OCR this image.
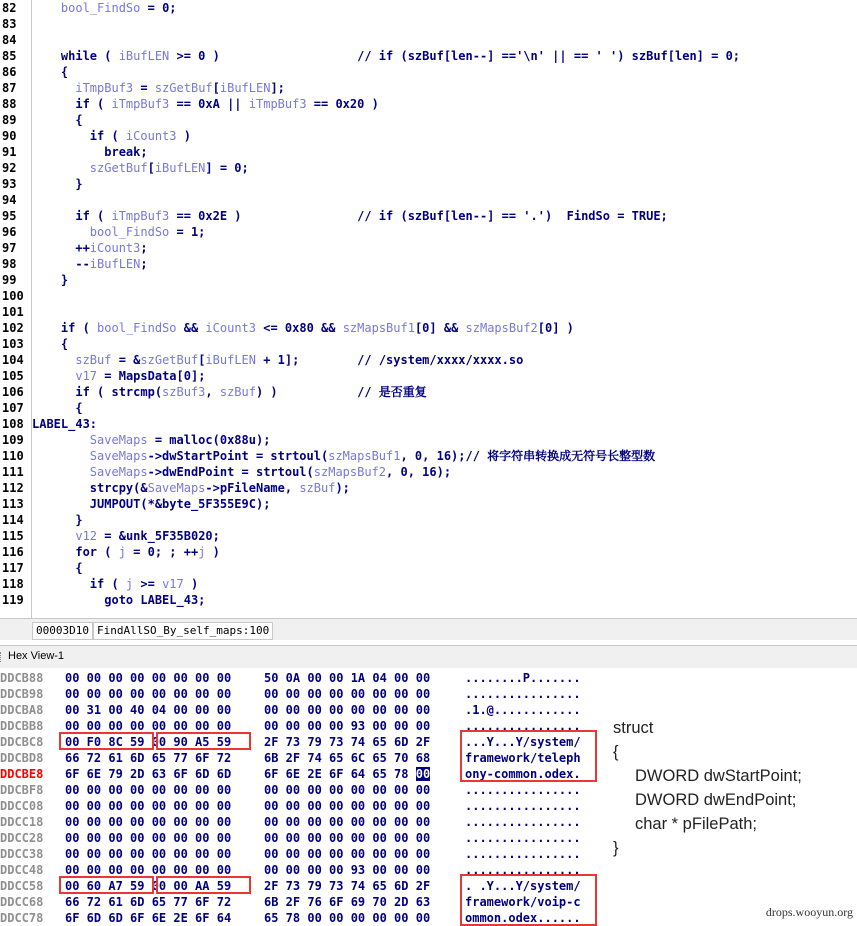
82	bool_FindSo = 0;
83
84
85	while ( iBufLEN >= 0 )                   // if (szBuf[len--] =='\n' || == ' ') szBuf[len] = 0;
86	{
87	iTmpBuf3 = szGetBuf[iBufLEN];
88	if ( iTmpBuf3 == 0xA || iTmpBuf3 == 0x20 )
89	{
90	if ( iCount3 )
91	break;
92	szGetBuf[iBufLEN] = 0;
93	}
94
95	if ( iTmpBuf3 == 0x2E )                // if (szBuf[len--] == '.')  FindSo = TRUE;
96	bool_FindSo = 1;
97	++iCount3;
98	--iBufLEN;
99	}
100
101
102 if ( bool_FindSo && iCount3 <= 0x80 && szMapsBuf1[0] && szMapsBuf2[0] )
103 {
104	szBuf = &szGetBuf[iBufLEN + 1];        // /system/xxxx/xxxx.so
105	v17 = MapsData[0];
106 if ( strcmp(szBuf3, szBuf) )           // 是否重复
107 {
108 LABEL_43:
109	SaveMaps = malloc(0x88u);
110	SaveMaps->dwStartPoint = strtoul(szMapsBuf1, 0, 16);// 将字符串转换成无符号长整型数
111	SaveMaps->dwEndPoint = strtoul(szMapsBuf2, 0, 16);
112 strcpy(&SaveMaps->pFileName, szBuf);
113 JUMPOUT(*&byte_5F355E9C);
114 }
115	v12 = &unk_5F35B020;
116 for ( j = 0; ; ++j )
117 {
118 if ( j >= v17 )
119 goto LABEL_43;
00003D10 FindAllSO_By_self_maps:100
Hex View-1
DDCB88 00 00 00 00 00 00 00 00	50 0A 00 00 1A 04 00 00	........P.......
DDCB98 00 00 00 00 00 00 00 00	00 00 00 00 00 00 00 00	................
DDCBA8 00 31 00 40 04 00 00 00	00 00 00 00 00 00 00 00	.1.@............
DDCBB8 00 00 00 00 00 00 00 00	00 00 00 00 93 00 00 00	................
DDCBC8 00 F0 8C 59 00 90 A5 59	2F 73 79 73 74 65 6D 2F	...Y...Y/system/
DDCBD8 66 72 61 6D 65 77 6F 72	6B 2F 74 65 6C 65 70 68	framework/teleph
DDCBE8 6F 6E 79 2D 63 6F 6D 6D	6F 6E 2E 6F 64 65 78 00	ony-common.odex.
DDCBF8 00 00 00 00 00 00 00 00	00 00 00 00 00 00 00 00	................
DDCC08 00 00 00 00 00 00 00 00	00 00 00 00 00 00 00 00	................
DDCC18 00 00 00 00 00 00 00 00	00 00 00 00 00 00 00 00	................
DDCC28 00 00 00 00 00 00 00 00	00 00 00 00 00 00 00 00	................
DDCC38 00 00 00 00 00 00 00 00	00 00 00 00 00 00 00 00	................
DDCC48 00 00 00 00 00 00 00 00	00 00 00 00 93 00 00 00	................
DDCC58 00 60 A7 59 00 00 AA 59	2F 73 79 73 74 65 6D 2F	. .Y...Y/system/
DDCC68 66 72 61 6D 65 77 6F 72	6B 2F 76 6F 69 70 2D 63	framework/voip-c
DDCC78 6F 6D 6D 6F 6E 2E 6F 64	65 78 00 00 00 00 00 00	ommon.odex......

struct

{

DWORD dwStartPoint;

DWORD dwEndPoint;

char * pFilePath;

}

drops.wooyun.org
